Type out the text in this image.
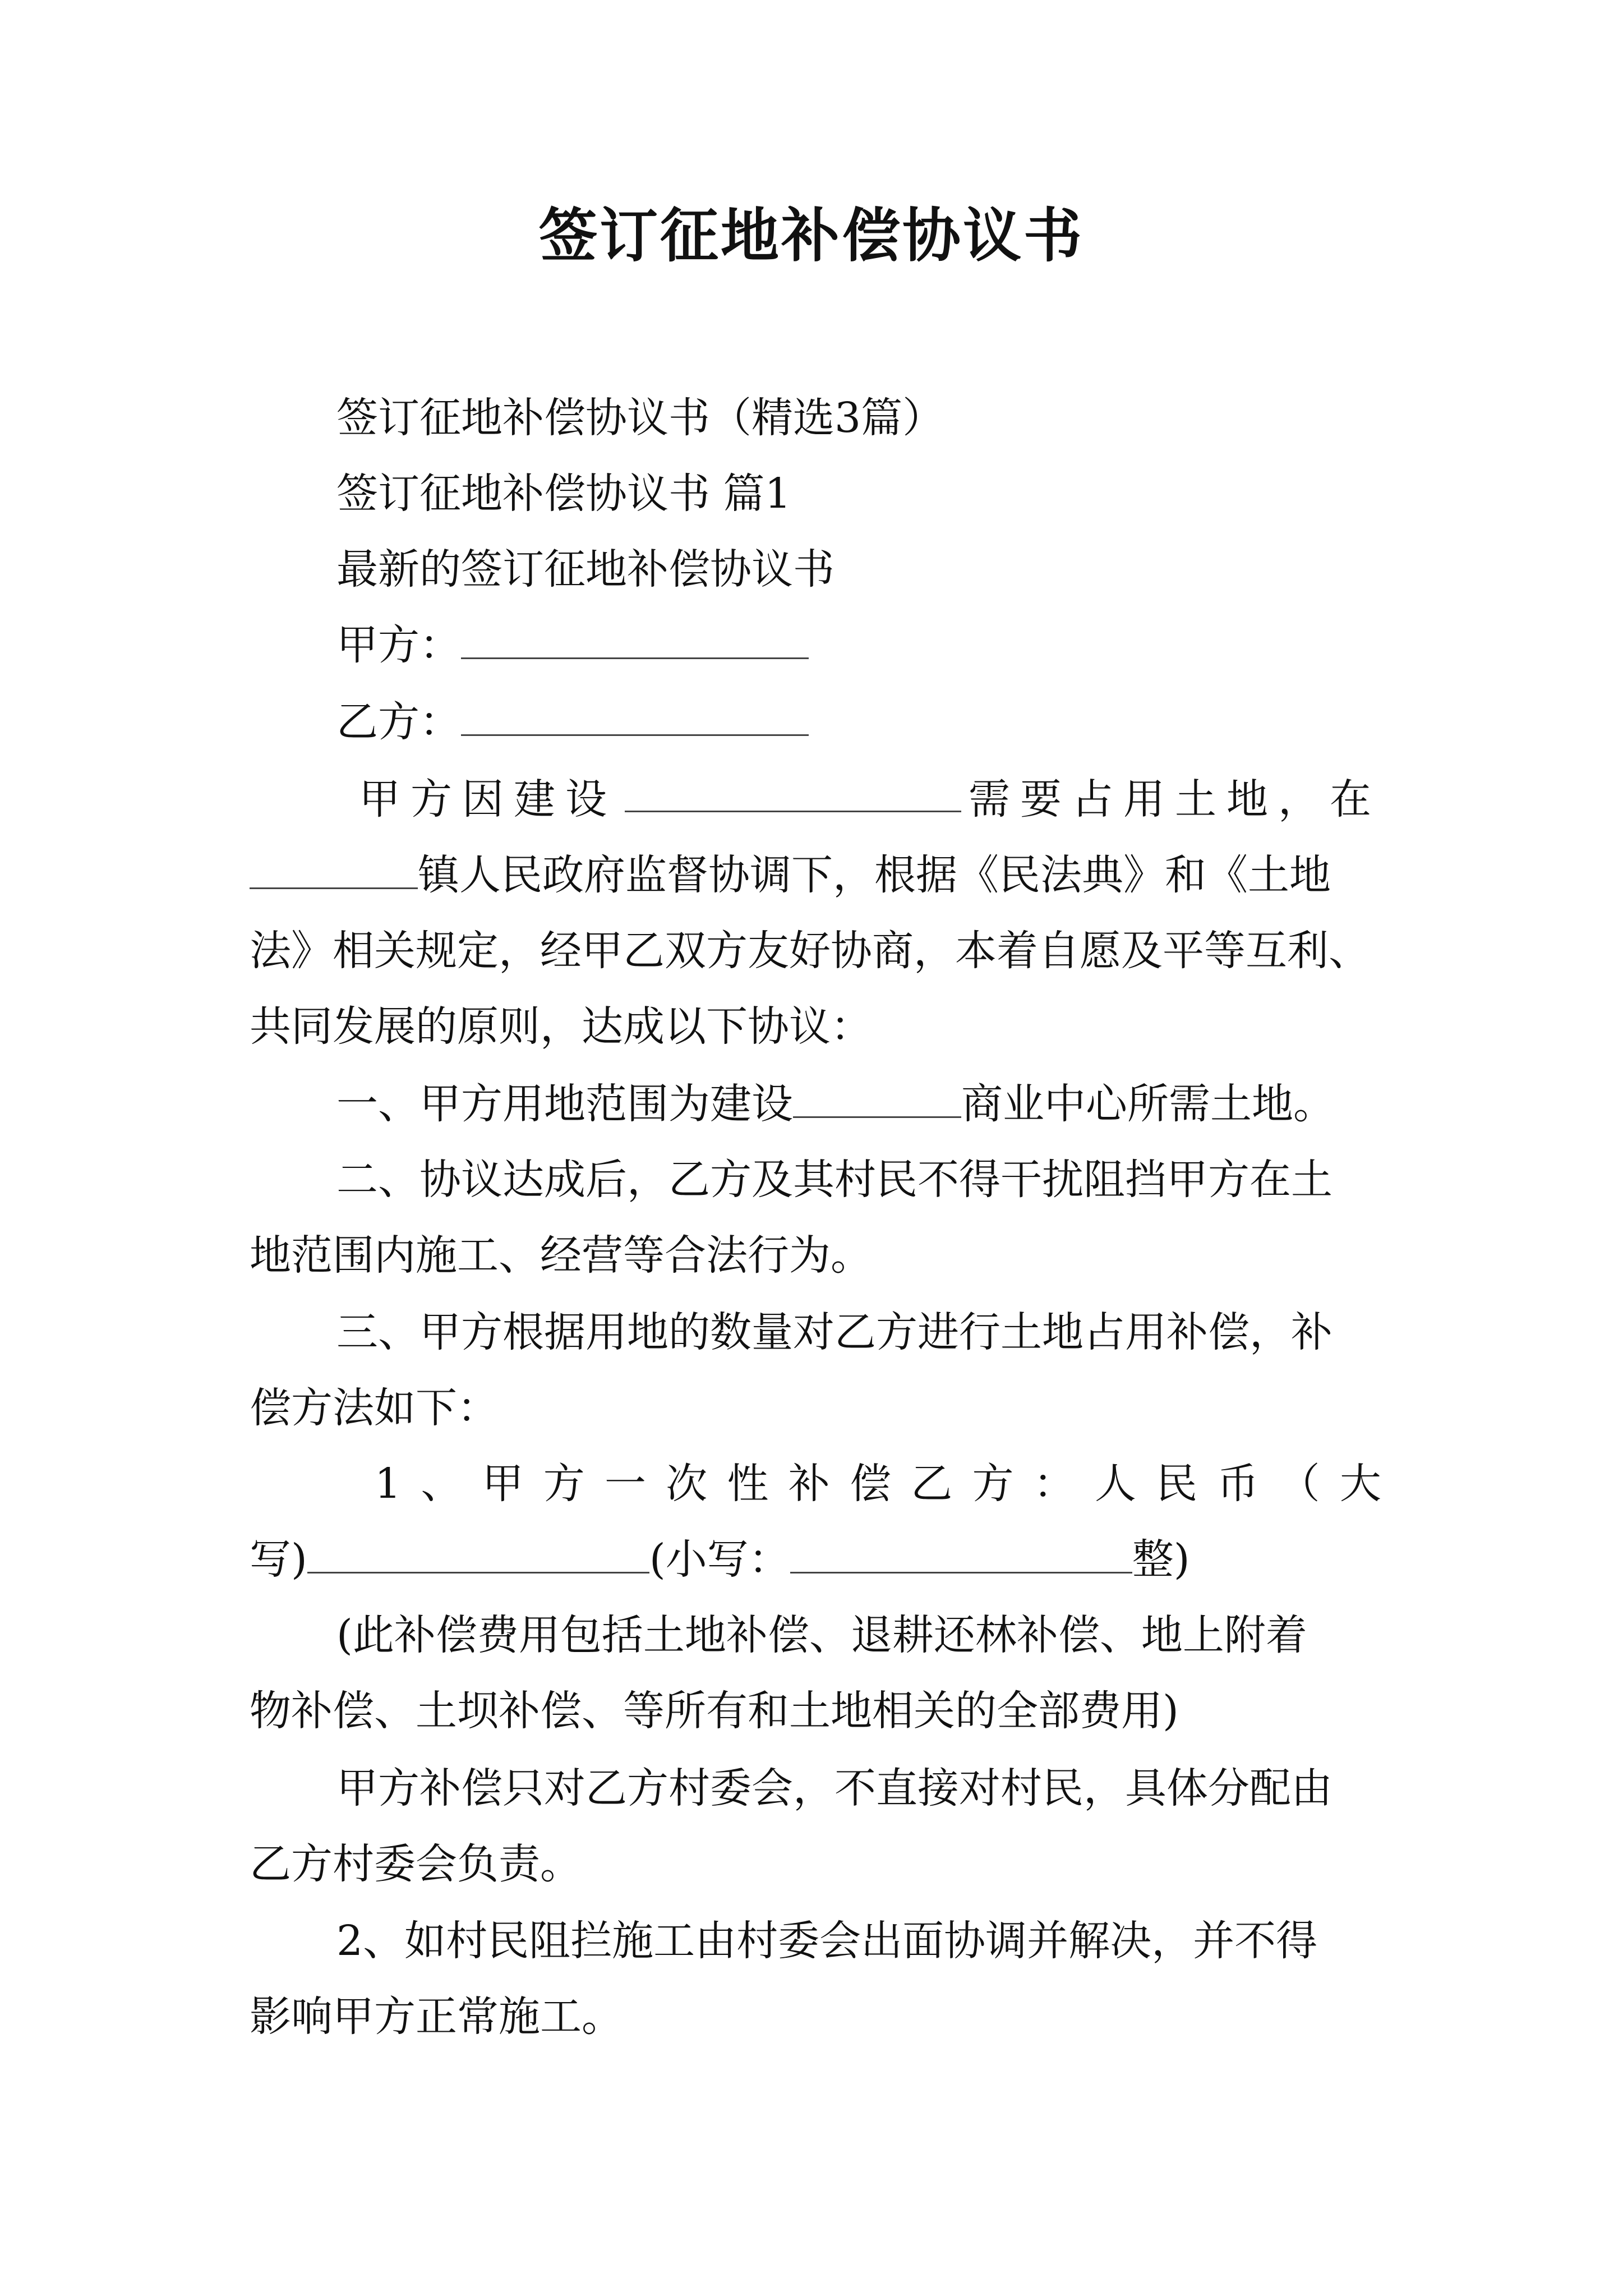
签订征地补偿协议书
签订征地补偿协议书（精选3篇）
签订征地补偿协议书 篇1
最新的签订征地补偿协议书
甲方：
乙方：
甲方因建设	需要占用土地，在
镇人民政府监督协调下，根据《民法典》和《土地
法》相关规定，经甲乙双方友好协商，本着自愿及平等互利、
共同发展的原则，达成以下协议：
一、甲方用地范围为建设	商业中心所需土地。
二、协议达成后，乙方及其村民不得干扰阻挡甲方在土
地范围内施工、经营等合法行为。
三、甲方根据用地的数量对乙方进行土地占用补偿，补
偿方法如下：
1 、 甲 方 一 次 性 补 偿 乙 方 ： 人 民 币 （ 大
写)	(小写：	整)
(此补偿费用包括土地补偿、退耕还林补偿、地上附着
物补偿、土坝补偿、等所有和土地相关的全部费用)
甲方补偿只对乙方村委会，不直接对村民，具体分配由
乙方村委会负责。
2、如村民阻拦施工由村委会出面协调并解决，并不得
影响甲方正常施工。
